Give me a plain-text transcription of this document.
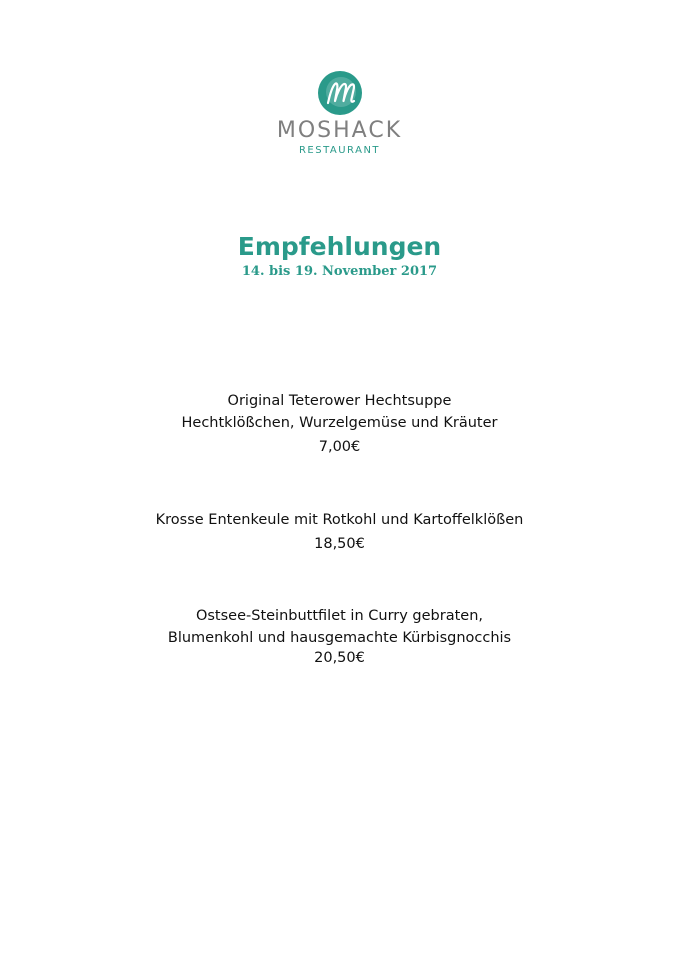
MOSHACK
RESTAURANT
Empfehlungen
14. bis 19. November 2017
Original Teterower Hechtsuppe
Hechtklößchen, Wurzelgemüse und Kräuter
7,00€
Krosse Entenkeule mit Rotkohl und Kartoffelklößen
18,50€
Ostsee-Steinbuttfilet in Curry gebraten,
Blumenkohl und hausgemachte Kürbisgnocchis
20,50€
